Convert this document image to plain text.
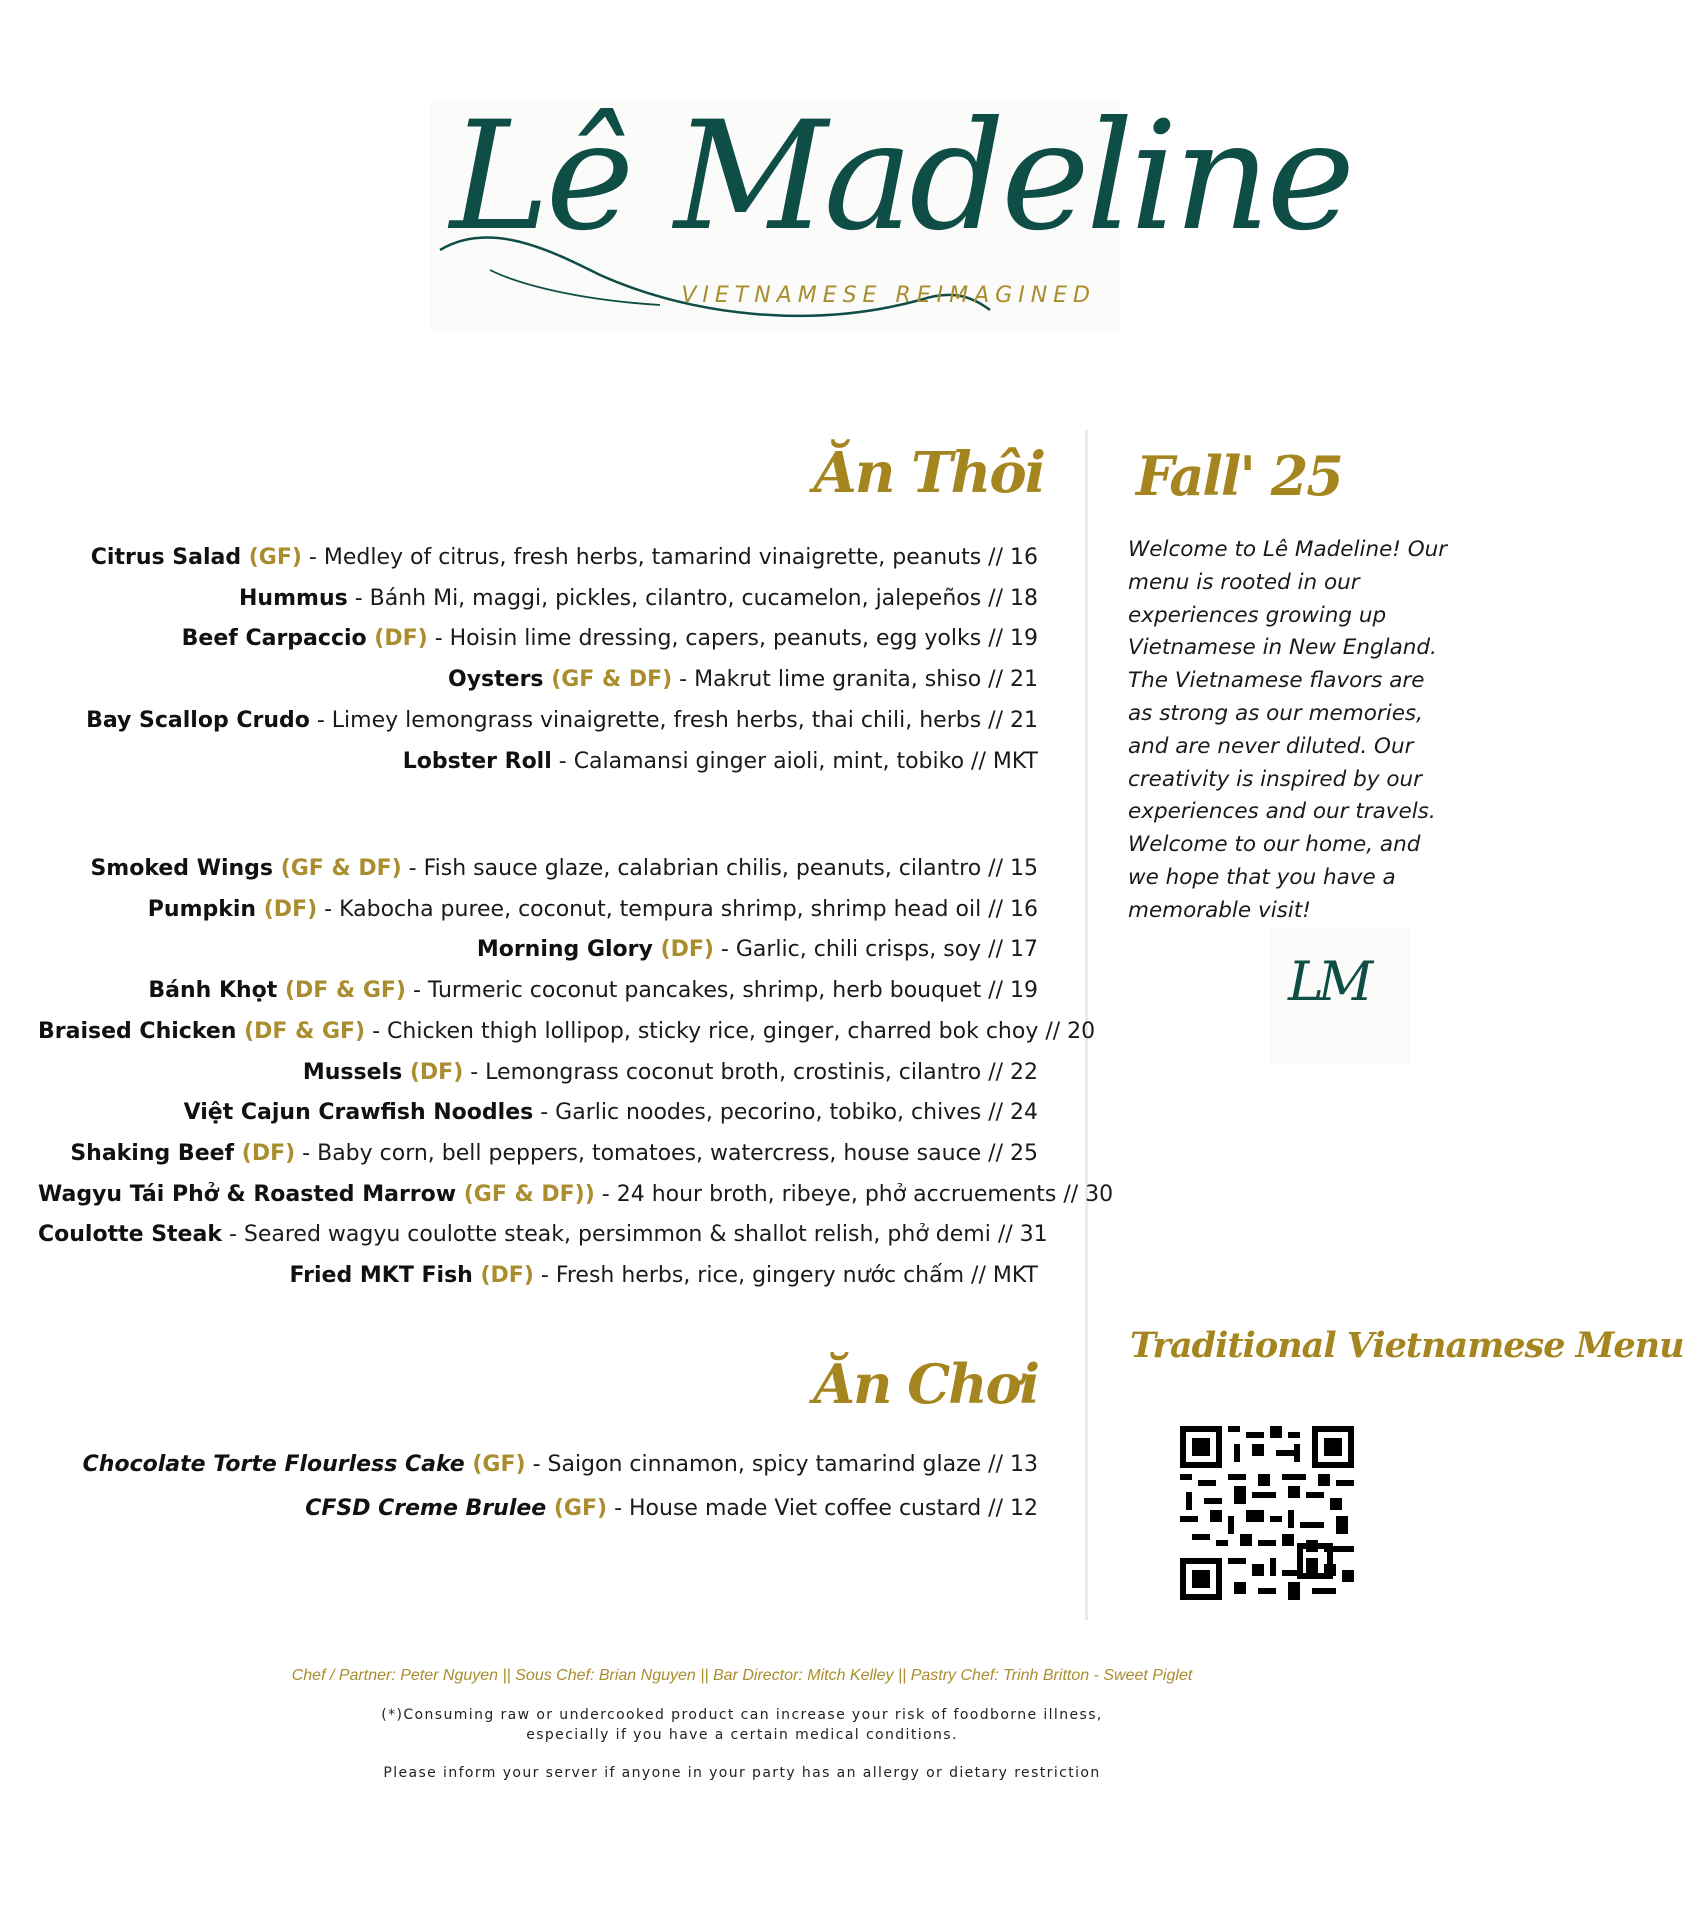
Lê Madeline
VIETNAMESE REIMAGINED
Ăn Thôi Fall' 25
Ăn Chơi
Traditional Vietnamese Menu
Citrus Salad (GF) - Medley of citrus, fresh herbs, tamarind vinaigrette, peanuts // 16
Hummus - Bánh Mi, maggi, pickles, cilantro, cucamelon, jalepeños // 18
Beef Carpaccio (DF) - Hoisin lime dressing, capers, peanuts, egg yolks // 19
Oysters (GF & DF) - Makrut lime granita, shiso // 21
Bay Scallop Crudo - Limey lemongrass vinaigrette, fresh herbs, thai chili, herbs // 21
Lobster Roll - Calamansi ginger aioli, mint, tobiko // MKT
Smoked Wings (GF & DF) - Fish sauce glaze, calabrian chilis, peanuts, cilantro // 15
Pumpkin (DF) - Kabocha puree, coconut, tempura shrimp, shrimp head oil // 16
Morning Glory (DF) - Garlic, chili crisps, soy // 17
Bánh Khọt (DF & GF) - Turmeric coconut pancakes, shrimp, herb bouquet // 19
Braised Chicken (DF & GF) - Chicken thigh lollipop, sticky rice, ginger, charred bok choy // 20
Mussels (DF) - Lemongrass coconut broth, crostinis, cilantro // 22
Việt Cajun Crawfish Noodles - Garlic noodes, pecorino, tobiko, chives // 24
Shaking Beef (DF) - Baby corn, bell peppers, tomatoes, watercress, house sauce // 25
Wagyu Tái Phở & Roasted Marrow (GF & DF)) - 24 hour broth, ribeye, phở accruements // 30
Coulotte Steak - Seared wagyu coulotte steak, persimmon & shallot relish, phở demi // 31
Fried MKT Fish (DF) - Fresh herbs, rice, gingery nước chấm // MKT
Chocolate Torte Flourless Cake (GF) - Saigon cinnamon, spicy tamarind glaze // 13
CFSD Creme Brulee (GF) - House made Viet coffee custard // 12

Welcome to Lê Madeline! Our menu is rooted in our experiences growing up Vietnamese in New England. The Vietnamese flavors are as strong as our memories, and are never diluted. Our creativity is inspired by our experiences and our travels. Welcome to our home, and we hope that you have a memorable visit!

LM

Chef / Partner: Peter Nguyen || Sous Chef: Brian Nguyen || Bar Director: Mitch Kelley || Pastry Chef: Trinh Britton - Sweet Piglet

(*)Consuming raw or undercooked product can increase your risk of foodborne illness,
especially if you have a certain medical conditions.

Please inform your server if anyone in your party has an allergy or dietary restriction
